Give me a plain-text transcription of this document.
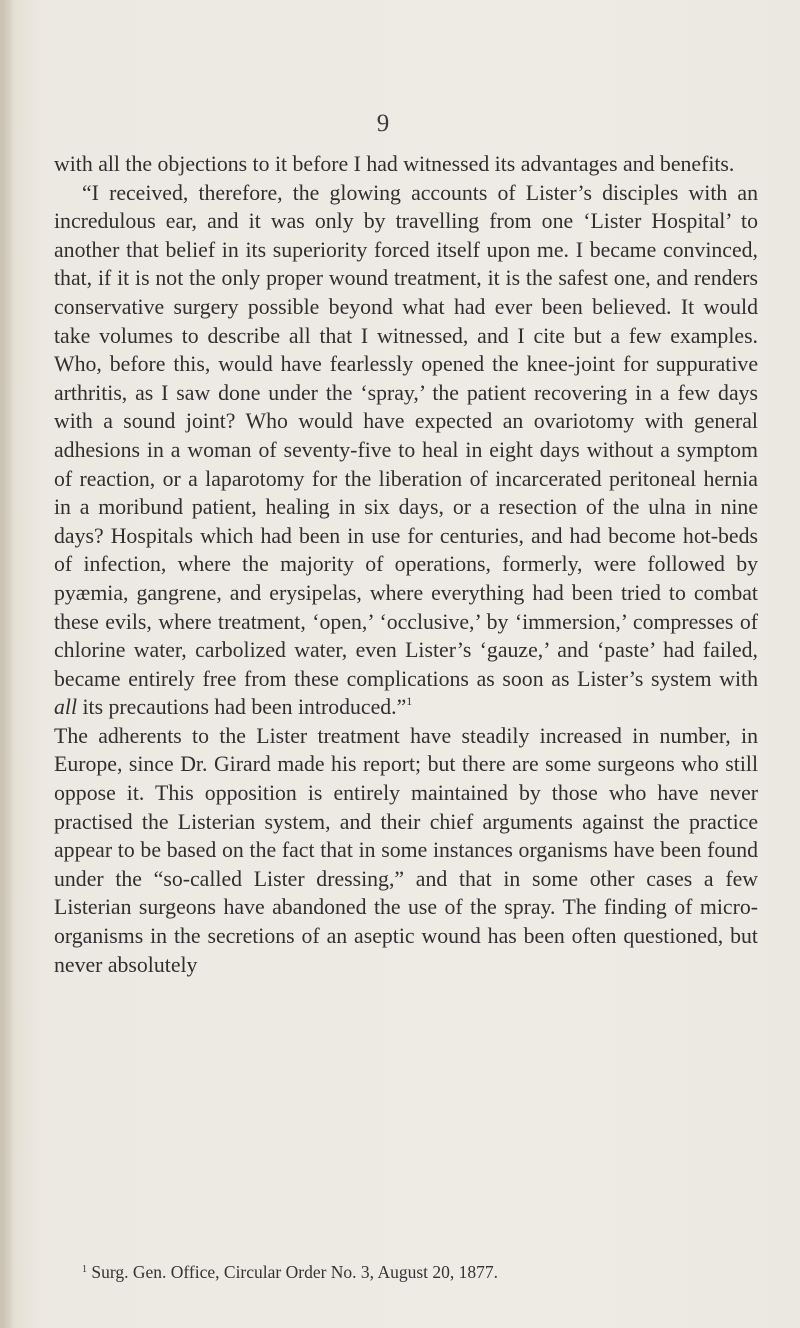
9

with all the objections to it before I had witnessed its advantages and benefits.

“I received, therefore, the glowing accounts of Lister’s disciples with an incredulous ear, and it was only by travelling from one ‘Lister Hospital’ to another that belief in its superiority forced itself upon me. I became convinced, that, if it is not the only proper wound treatment, it is the safest one, and renders conservative surgery possible beyond what had ever been believed. It would take volumes to describe all that I witnessed, and I cite but a few examples. Who, before this, would have fearlessly opened the knee-joint for suppurative arthritis, as I saw done under the ‘spray,’ the patient recovering in a few days with a sound joint? Who would have expected an ovariotomy with general adhesions in a woman of seventy-five to heal in eight days without a symptom of reaction, or a laparotomy for the liberation of incarcerated peritoneal hernia in a moribund patient, healing in six days, or a resection of the ulna in nine days? Hospitals which had been in use for centuries, and had become hot-beds of infection, where the majority of operations, formerly, were followed by pyæmia, gangrene, and erysipelas, where everything had been tried to combat these evils, where treatment, ‘open,’ ‘occlusive,’ by ‘immersion,’ compresses of chlorine water, carbolized water, even Lister’s ‘gauze,’ and ‘paste’ had failed, became entirely free from these complications as soon as Lister’s system with all its precautions had been introduced.”$^1$

The adherents to the Lister treatment have steadily increased in number, in Europe, since Dr. Girard made his report; but there are some surgeons who still oppose it. This opposition is entirely maintained by those who have never practised the Listerian system, and their chief arguments against the practice appear to be based on the fact that in some instances organisms have been found under the “so-called Lister dressing,” and that in some other cases a few Listerian surgeons have abandoned the use of the spray. The finding of micro-organisms in the secretions of an aseptic wound has been often questioned, but never absolutely

$^1$ Surg. Gen. Office, Circular Order No. 3, August 20, 1877.
